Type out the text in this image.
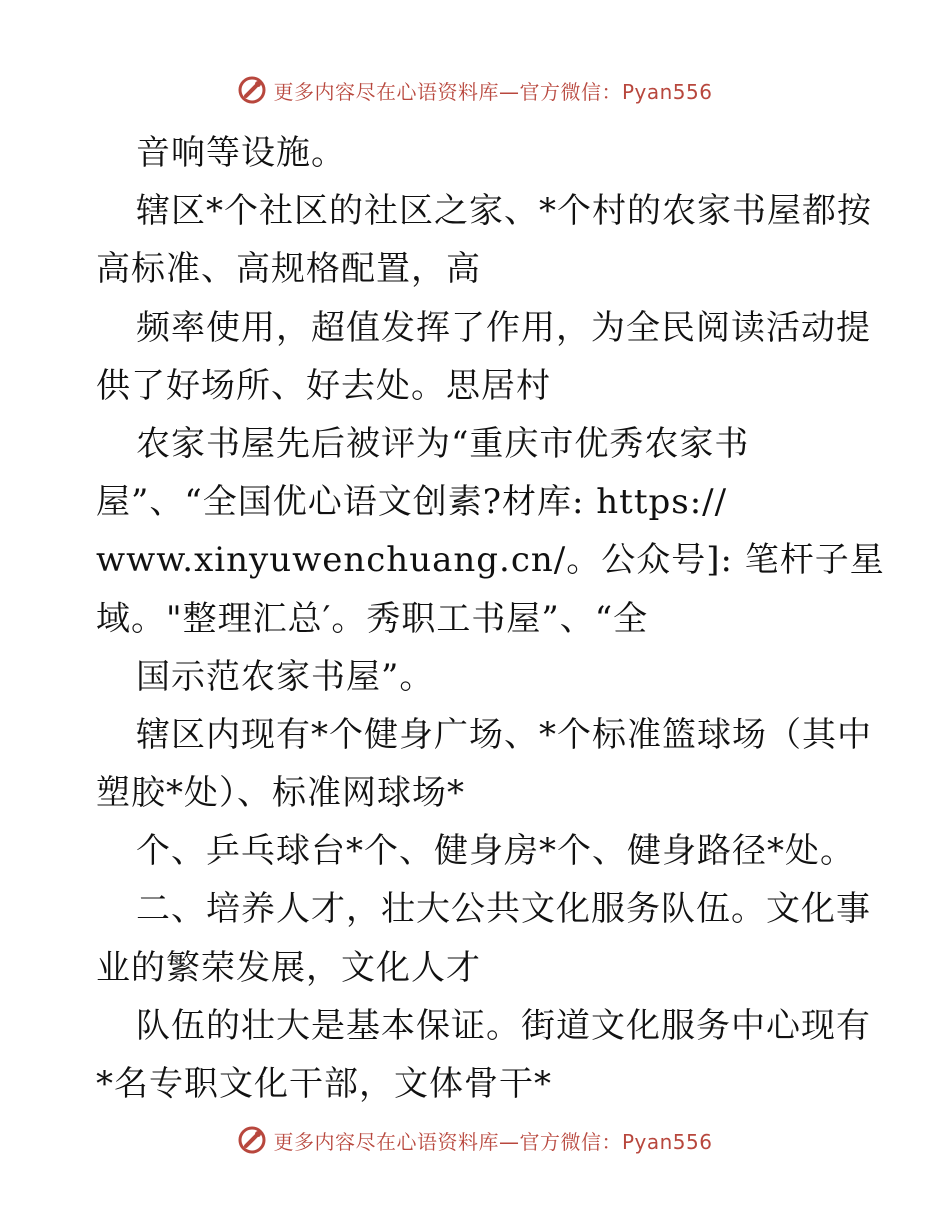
更多内容尽在心语资料库—官方微信：Pyan556
音响等设施。
辖区*个社区的社区之家、*个村的农家书屋都按
高标准、高规格配置，高
频率使用，超值发挥了作用，为全民阅读活动提
供了好场所、好去处。思居村
农家书屋先后被评为“重庆市优秀农家书
屋”、“全国优心语文创素?材库: https://
www.xinyuwenchuang.cn/。公众号]: 笔杆子星
域。"整理汇总′。秀职工书屋”、“全
国示范农家书屋”。
辖区内现有*个健身广场、*个标准篮球场（其中
塑胶*处）、标准网球场*
个、乒乓球台*个、健身房*个、健身路径*处。
二、培养人才，壮大公共文化服务队伍。文化事
业的繁荣发展，文化人才
队伍的壮大是基本保证。街道文化服务中心现有
*名专职文化干部，文体骨干*
更多内容尽在心语资料库—官方微信：Pyan556
